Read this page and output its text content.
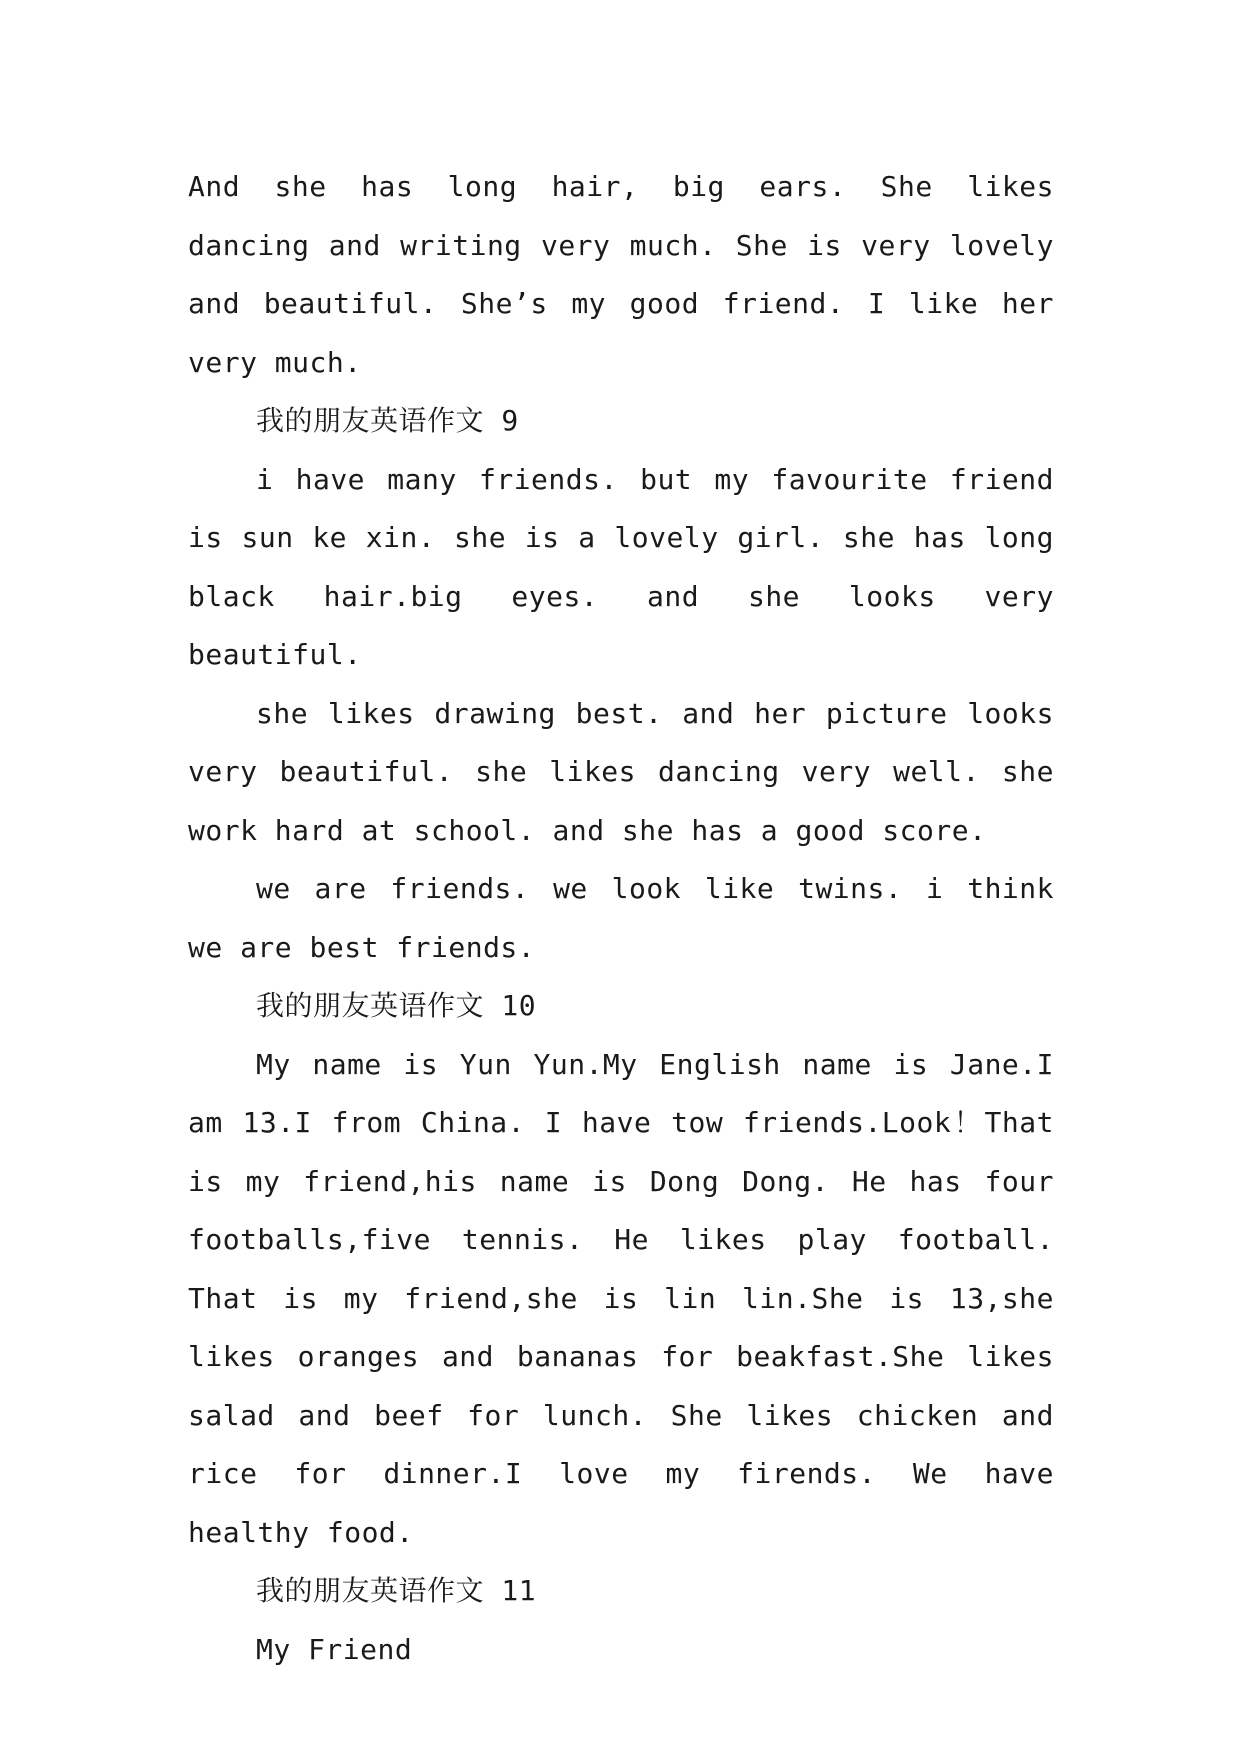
And she has long hair, big ears. She likes dancing and writing very much. She is very lovely and beautiful. She’s my good friend. I like her very much.

我的朋友英语作文 9

i have many friends. but my favourite friend is sun ke xin. she is a lovely girl. she has long black hair.big eyes. and she looks very beautiful.

she likes drawing best. and her picture looks very beautiful. she likes dancing very well. she work hard at school. and she has a good score.

we are friends. we look like twins. i think we are best friends.

我的朋友英语作文 10

My name is Yun Yun.My English name is Jane.I am 13.I from China. I have tow friends.Look！That is my friend,his name is Dong Dong. He has four footballs,five tennis. He likes play football. That is my friend,she is lin lin.She is 13,she likes oranges and bananas for beakfast.She likes salad and beef for lunch. She likes chicken and rice for dinner.I love my firends. We have healthy food.

我的朋友英语作文 11

My Friend
